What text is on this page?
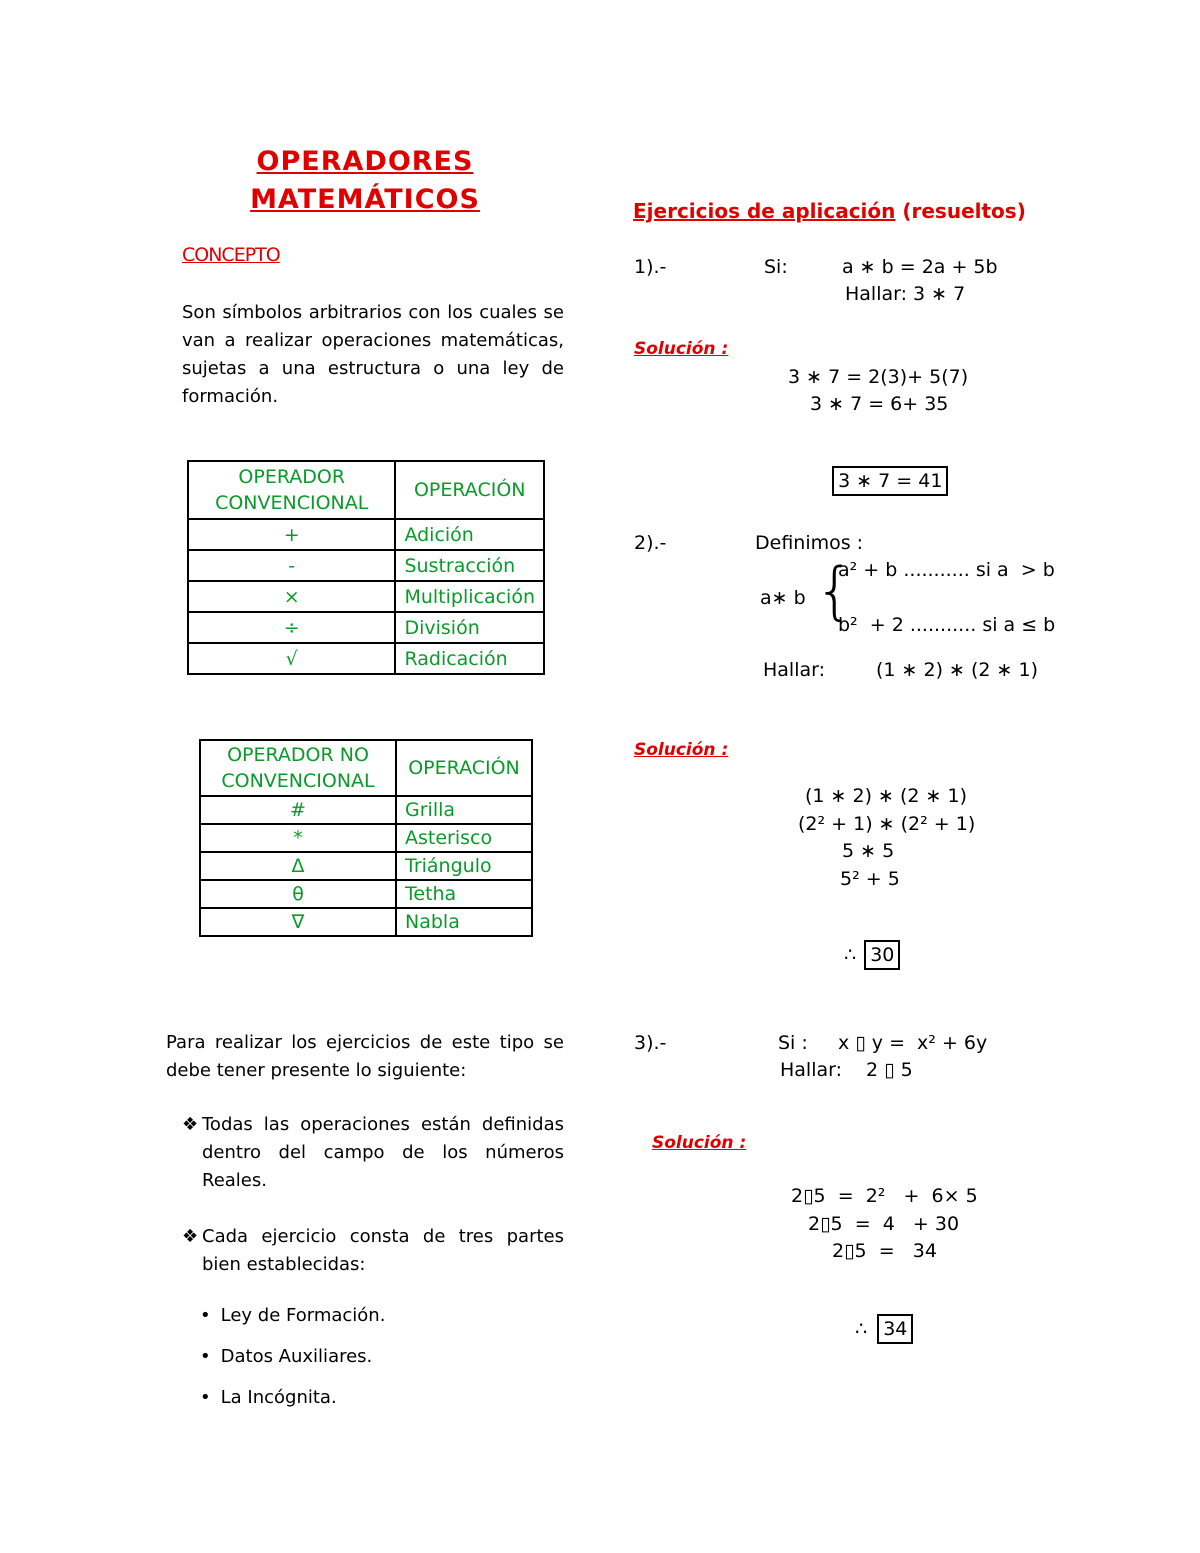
OPERADORES
MATEMÁTICOS
CONCEPTO
Son símbolos arbitrarios con los cuales se van a realizar operaciones matemáticas, sujetas a una estructura o una ley de formación.
OPERADOR CONVENCIONAL	OPERACIÓN
+	Adición
-	Sustracción
×	Multiplicación
÷	División
√	Radicación
OPERADOR NO CONVENCIONAL	OPERACIÓN
#	Grilla
*	Asterisco
Δ	Triángulo
θ	Tetha
∇	Nabla
Para realizar los ejercicios de este tipo se debe tener presente lo siguiente:
❖ Todas las operaciones están definidas dentro del campo de los números Reales.
❖ Cada ejercicio consta de tres partes bien establecidas:
• Ley de Formación.
• Datos Auxiliares.
• La Incógnita.
Ejercicios de aplicación (resueltos)
1).-	Si:	a ∗ b = 2a + 5b
Hallar: 3 ∗ 7
Solución :
3 ∗ 7 = 2(3)+ 5(7)
3 ∗ 7 = 6+ 35

3 ∗ 7 = 41

2).-	Definimos :
a∗ b {
a² + b ........... si a  > b
b²  + 2 ........... si a ≤ b
Hallar:	(1 ∗ 2) ∗ (2 ∗ 1)
Solución :
(1 ∗ 2) ∗ (2 ∗ 1)
(2² + 1) ∗ (2² + 1)
5 ∗ 5
5² + 5

∴ 30

3).-	Si : x ▯ y =  x² + 6y
Hallar: 2 ▯ 5
Solución :
2▯5  =  2²   +  6× 5
2▯5  =  4   + 30
2▯5  =   34

∴ 34
